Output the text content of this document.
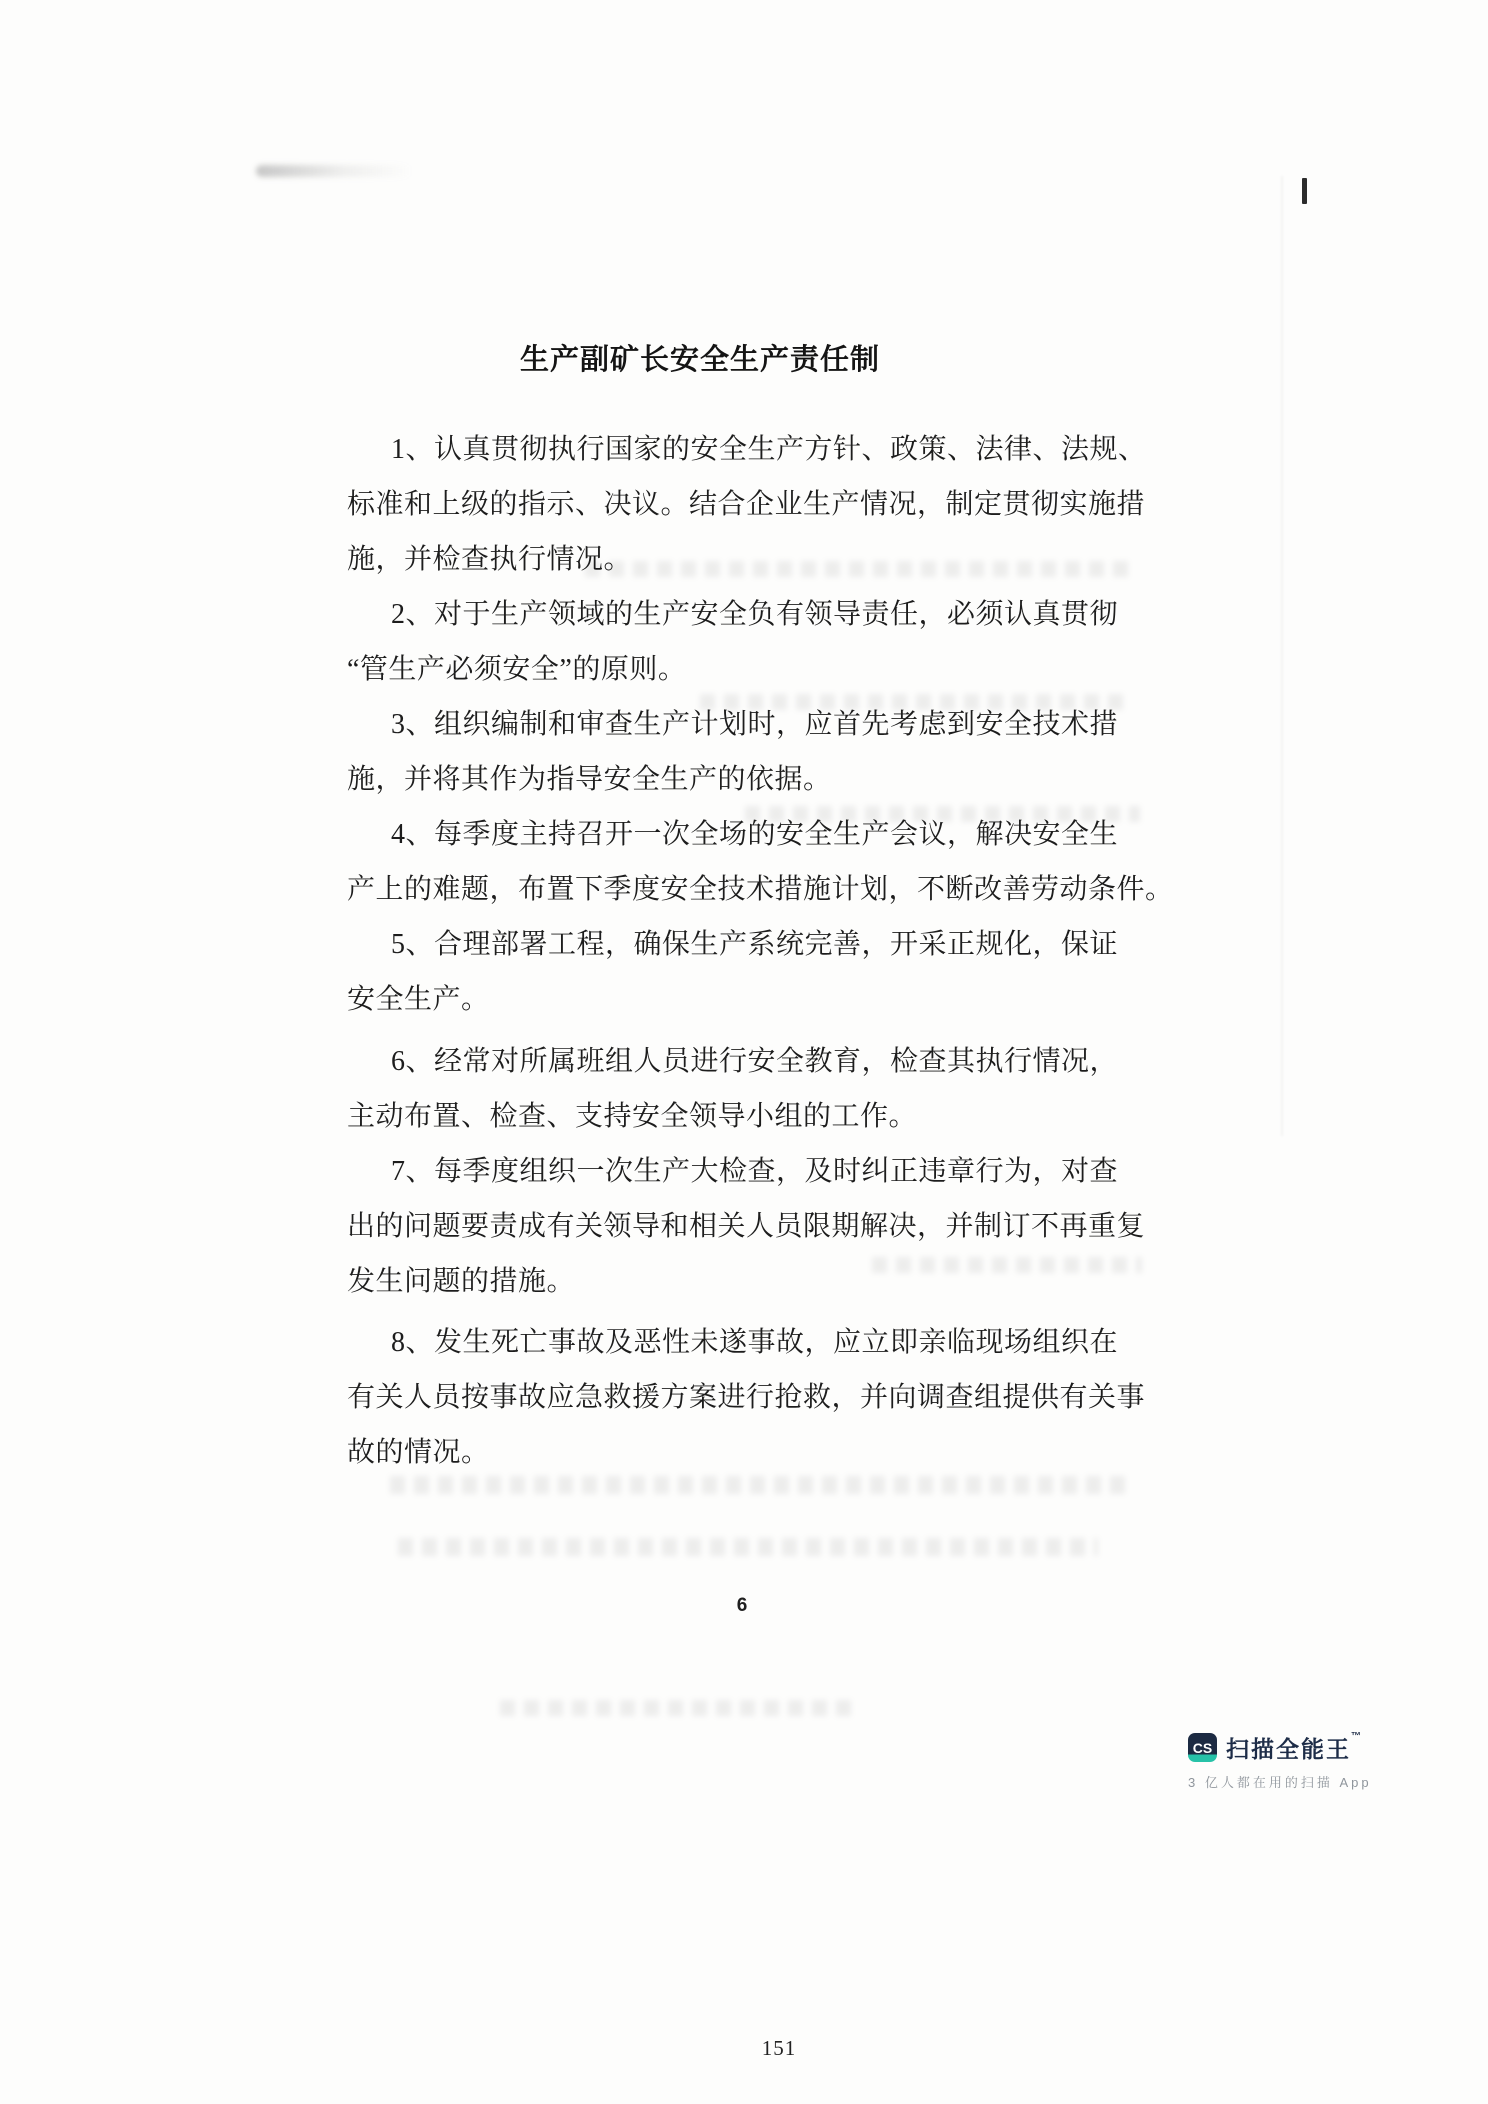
生产副矿长安全生产责任制
1、认真贯彻执行国家的安全生产方针、政策、法律、法规、
标准和上级的指示、决议。结合企业生产情况，制定贯彻实施措
施，并检查执行情况。
2、对于生产领域的生产安全负有领导责任，必须认真贯彻
“管生产必须安全”的原则。
3、组织编制和审查生产计划时，应首先考虑到安全技术措
施，并将其作为指导安全生产的依据。
4、每季度主持召开一次全场的安全生产会议，解决安全生
产上的难题，布置下季度安全技术措施计划，不断改善劳动条件。
5、合理部署工程，确保生产系统完善，开采正规化，保证
安全生产。
6、经常对所属班组人员进行安全教育，检查其执行情况，
主动布置、检查、支持安全领导小组的工作。
7、每季度组织一次生产大检查，及时纠正违章行为，对查
出的问题要责成有关领导和相关人员限期解决，并制订不再重复
发生问题的措施。
8、发生死亡事故及恶性未遂事故，应立即亲临现场组织在
有关人员按事故应急救援方案进行抢救，并向调查组提供有关事
故的情况。
6
CS 扫描全能王™
3 亿人都在用的扫描 App
151
